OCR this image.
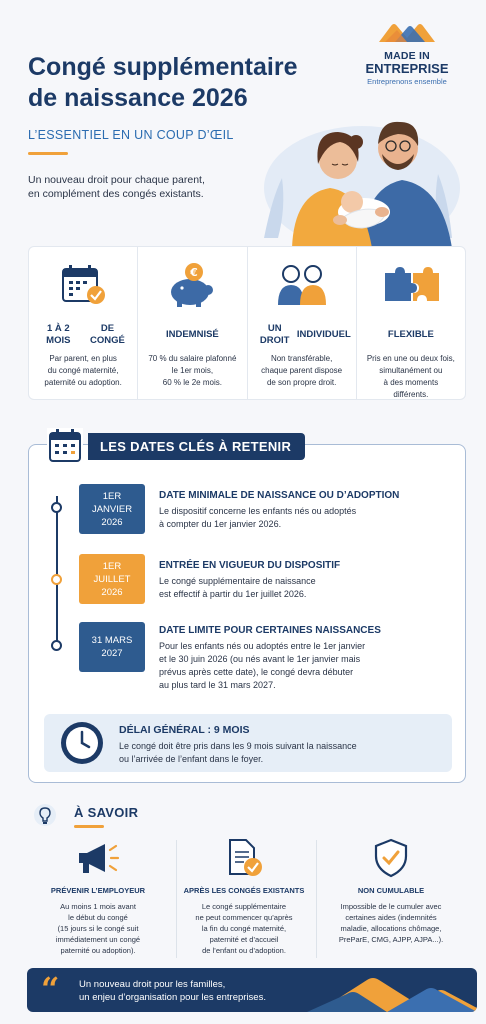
Congé supplémentaire
de naissance 2026
MADE IN
ENTREPRISE
Entreprenons ensemble
L’ESSENTIEL EN UN COUP D’ŒIL
Un nouveau droit pour chaque parent,
en complément des congés existants.
1 À 2 MOIS

DE CONGÉ
Par parent, en plus
du congé maternité,
paternité ou adoption.
€
INDEMNISÉ
70 % du salaire plafonné
le 1er mois,
60 % le 2e mois.
UN DROIT

INDIVIDUEL
Non transférable,
chaque parent dispose
de son propre droit.
FLEXIBLE
Pris en une ou deux fois,
simultanément ou
à des moments
différents.
LES DATES CLÉS À RETENIR
1ER
JANVIER
2026
DATE MINIMALE DE NAISSANCE OU D’ADOPTION
Le dispositif concerne les enfants nés ou adoptés
à compter du 1er janvier 2026.
1ER
JUILLET
2026
ENTRÉE EN VIGUEUR DU DISPOSITIF
Le congé supplémentaire de naissance
est effectif à partir du 1er juillet 2026.
31 MARS
2027
DATE LIMITE POUR CERTAINES NAISSANCES
Pour les enfants nés ou adoptés entre le 1er janvier
et le 30 juin 2026 (ou nés avant le 1er janvier mais
prévus après cette date), le congé devra débuter
au plus tard le 31 mars 2027.
DÉLAI GÉNÉRAL : 9 MOIS
Le congé doit être pris dans les 9 mois suivant la naissance
ou l’arrivée de l’enfant dans le foyer.
À SAVOIR
PRÉVENIR L’EMPLOYEUR
Au moins 1 mois avant
le début du congé
(15 jours si le congé suit
immédiatement un congé
paternité ou adoption).
APRÈS LES CONGÉS EXISTANTS
Le congé supplémentaire
ne peut commencer qu’après
la fin du congé maternité,
paternité et d’accueil
de l’enfant ou d’adoption.
NON CUMULABLE
Impossible de le cumuler avec
certaines aides (indemnités
maladie, allocations chômage,
PreParE, CMG, AJPP, AJPA...).
“ Un nouveau droit pour les familles,
un enjeu d’organisation pour les entreprises.
